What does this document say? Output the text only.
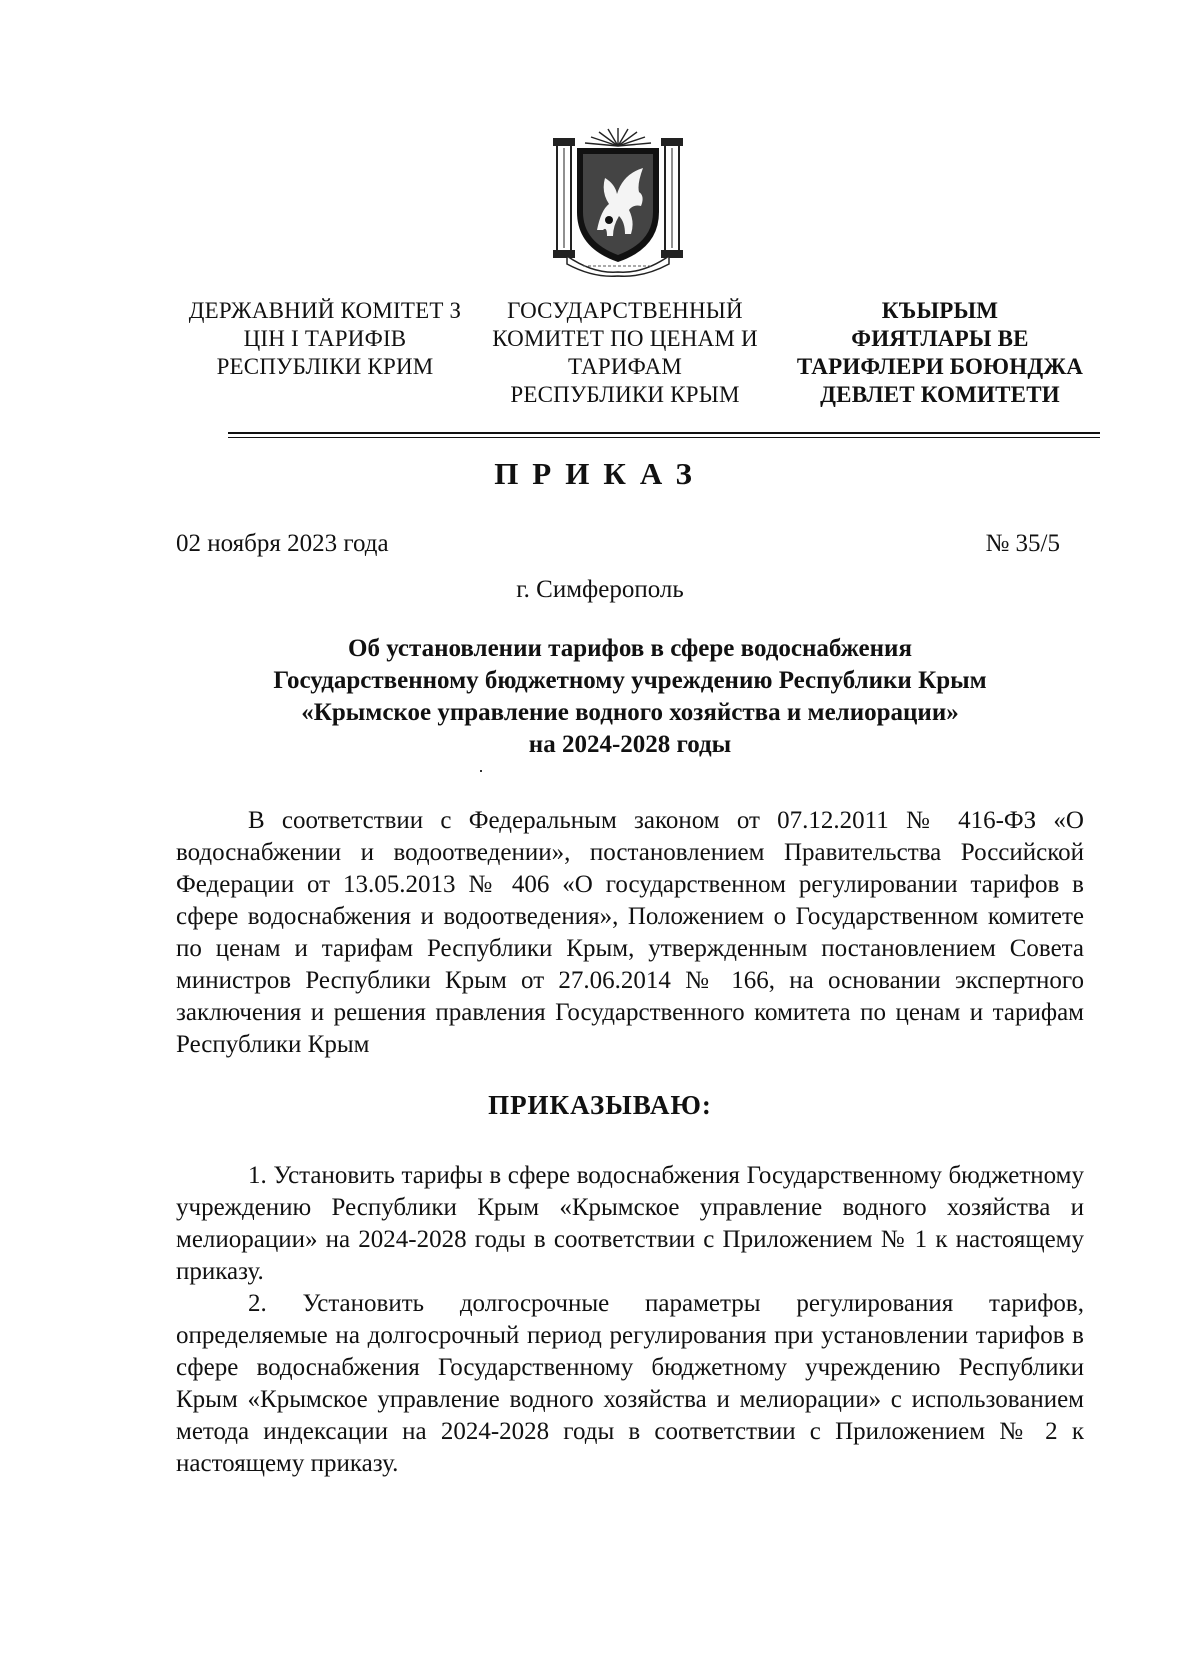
ДЕРЖАВНИЙ КОМІТЕТ З
ЦІН І ТАРИФІВ
РЕСПУБЛІКИ КРИМ
ГОСУДАРСТВЕННЫЙ
КОМИТЕТ ПО ЦЕНАМ И
ТАРИФАМ
РЕСПУБЛИКИ КРЫМ
КЪЫРЫМ
ФИЯТЛАРЫ ВЕ
ТАРИФЛЕРИ БОЮНДЖА
ДЕВЛЕТ КОМИТЕТИ
ПРИКАЗ
02 ноября 2023 года	№ 35/5
г. Симферополь
Об установлении тарифов в сфере водоснабжения
Государственному бюджетному учреждению Республики Крым
«Крымское управление водного хозяйства и мелиорации»
на 2024-2028 годы
В соответствии с Федеральным законом от 07.12.2011 № 416-ФЗ «О водоснабжении и водоотведении», постановлением Правительства Российской Федерации от 13.05.2013 № 406 «О государственном регулировании тарифов в сфере водоснабжения и водоотведения», Положением о Государственном комитете по ценам и тарифам Республики Крым, утвержденным постановлением Совета министров Республики Крым от 27.06.2014 № 166, на основании экспертного заключения и решения правления Государственного комитета по ценам и тарифам Республики Крым
ПРИКАЗЫВАЮ:
1. Установить тарифы в сфере водоснабжения Государственному бюджетному учреждению Республики Крым «Крымское управление водного хозяйства и мелиорации» на 2024-2028 годы в соответствии с Приложением № 1 к настоящему приказу.
2. Установить долгосрочные параметры регулирования тарифов, определяемые на долгосрочный период регулирования при установлении тарифов в сфере водоснабжения Государственному бюджетному учреждению Республики Крым «Крымское управление водного хозяйства и мелиорации» с использованием метода индексации на 2024-2028 годы в соответствии с Приложением № 2 к настоящему приказу.
